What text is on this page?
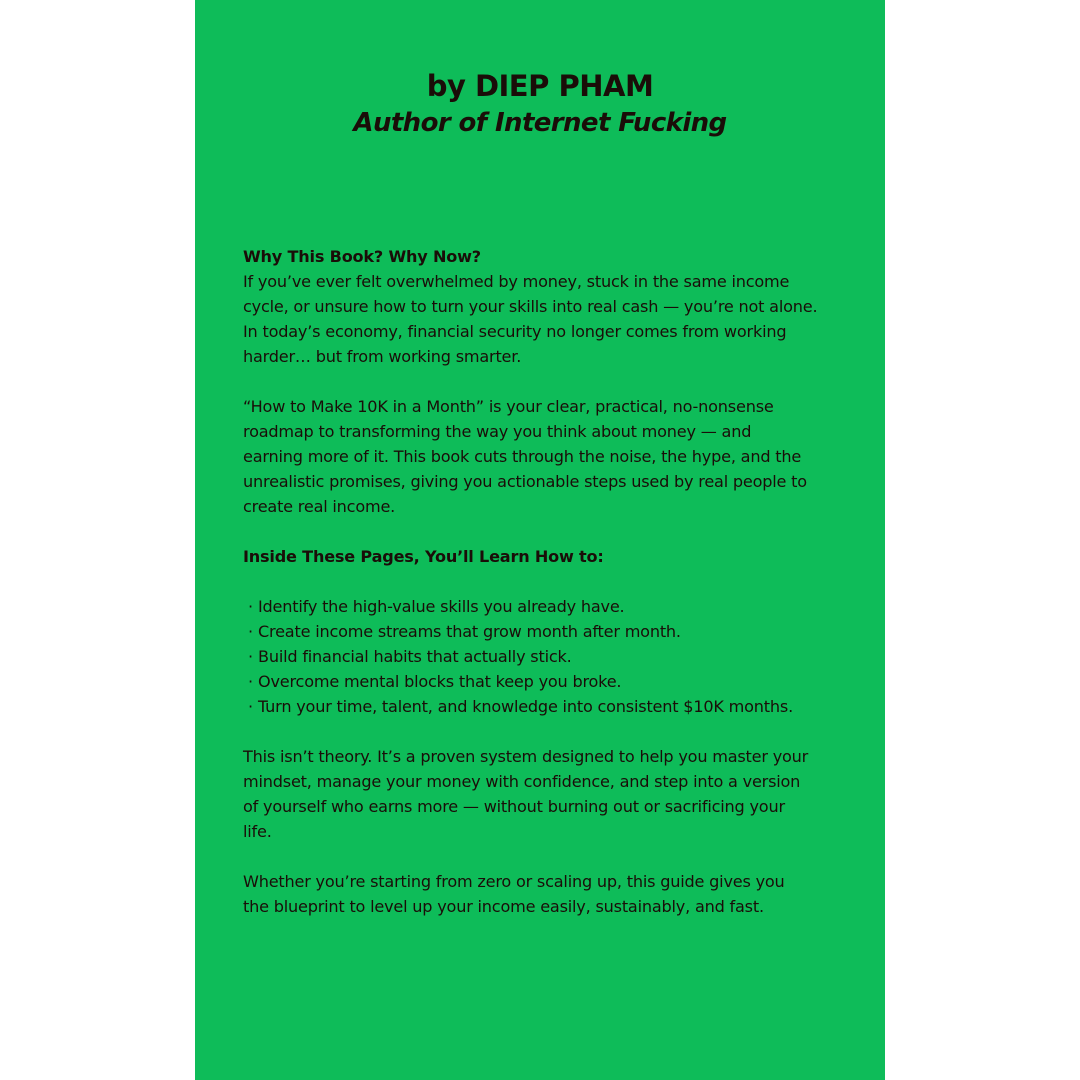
by DIEP PHAM
Author of Internet Fucking

Why This Book? Why Now?

If you’ve ever felt overwhelmed by money, stuck in the same income

cycle, or unsure how to turn your skills into real cash — you’re not alone.

In today’s economy, financial security no longer comes from working

harder… but from working smarter.

“How to Make 10K in a Month” is your clear, practical, no-nonsense

roadmap to transforming the way you think about money — and

earning more of it. This book cuts through the noise, the hype, and the

unrealistic promises, giving you actionable steps used by real people to

create real income.

Inside These Pages, You’ll Learn How to:

· Identify the high-value skills you already have.
· Create income streams that grow month after month.
· Build financial habits that actually stick.
· Overcome mental blocks that keep you broke.
· Turn your time, talent, and knowledge into consistent $10K months.

This isn’t theory. It’s a proven system designed to help you master your

mindset, manage your money with confidence, and step into a version

of yourself who earns more — without burning out or sacrificing your

life.

Whether you’re starting from zero or scaling up, this guide gives you

the blueprint to level up your income easily, sustainably, and fast.
